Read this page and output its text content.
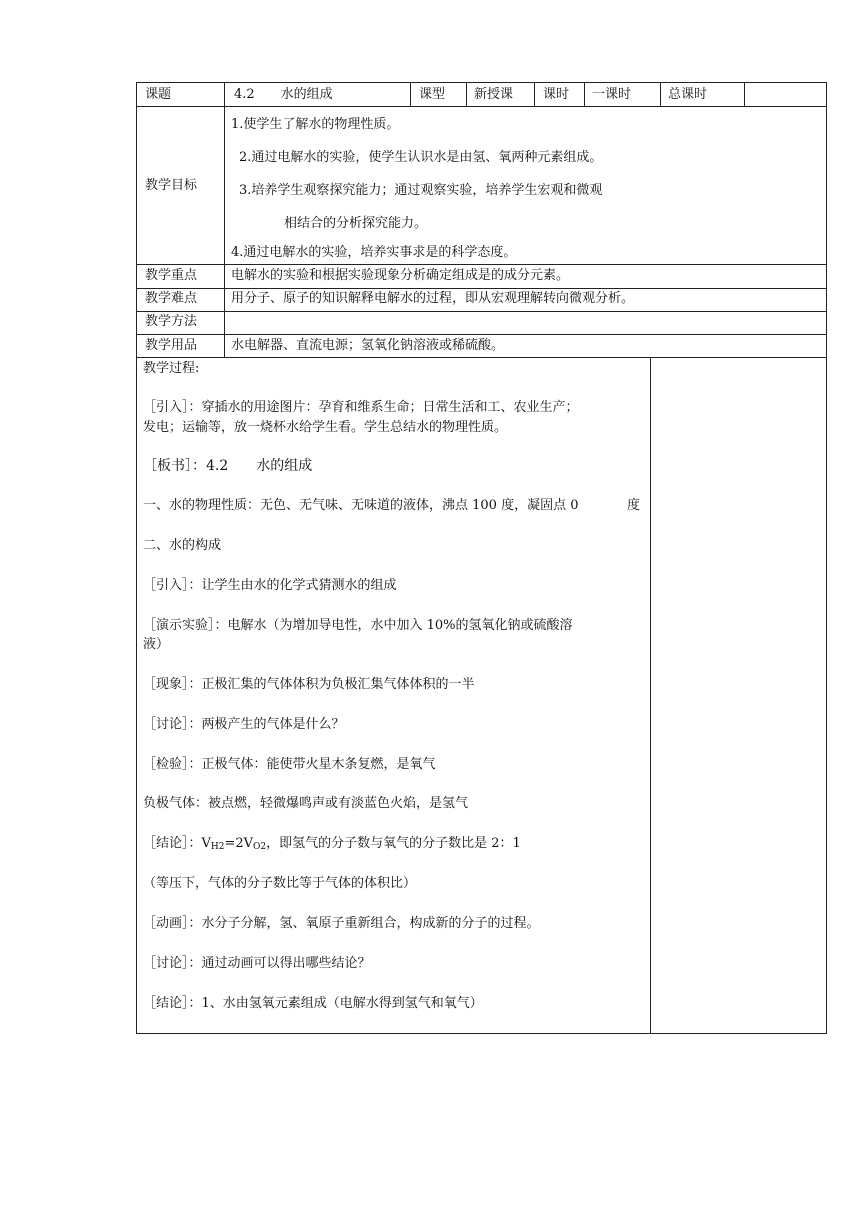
课题	4.2　　水的组成	课型 新授课 课时 一课时	总课时
教学目标
1.使学生了解水的物理性质。
2.通过电解水的实验，使学生认识水是由氢、氧两种元素组成。
3.培养学生观察探究能力；通过观察实验，培养学生宏观和微观
相结合的分析探究能力。
4.通过电解水的实验，培养实事求是的科学态度。
教学重点	电解水的实验和根据实验现象分析确定组成是的成分元素。
教学难点	用分子、原子的知识解释电解水的过程，即从宏观理解转向微观分析。
教学方法
教学用品	水电解器、直流电源；氢氧化钠溶液或稀硫酸。
教学过程:
［引入］：穿插水的用途图片：孕育和维系生命；日常生活和工、农业生产；
发电；运输等，放一烧杯水给学生看。学生总结水的物理性质。
［板书］：4.2　　水的组成
一、水的物理性质：无色、无气味、无味道的液体，沸点 100 度，凝固点 0	度
二、水的构成
［引入］：让学生由水的化学式猜测水的组成
［演示实验］：电解水（为增加导电性，水中加入 10%的氢氧化钠或硫酸溶
液）
［现象］：正极汇集的气体体积为负极汇集气体体积的一半
［讨论］：两极产生的气体是什么？
［检验］：正极气体：能使带火星木条复燃，是氧气
负极气体：被点燃，轻微爆鸣声或有淡蓝色火焰，是氢气
［结论］：$V_{H2}=2V_{O2}$，即氢气的分子数与氧气的分子数比是 2：1
（等压下，气体的分子数比等于气体的体积比）
［动画］：水分子分解，氢、氧原子重新组合，构成新的分子的过程。
［讨论］：通过动画可以得出哪些结论？
［结论］：1、水由氢氧元素组成（电解水得到氢气和氧气）
